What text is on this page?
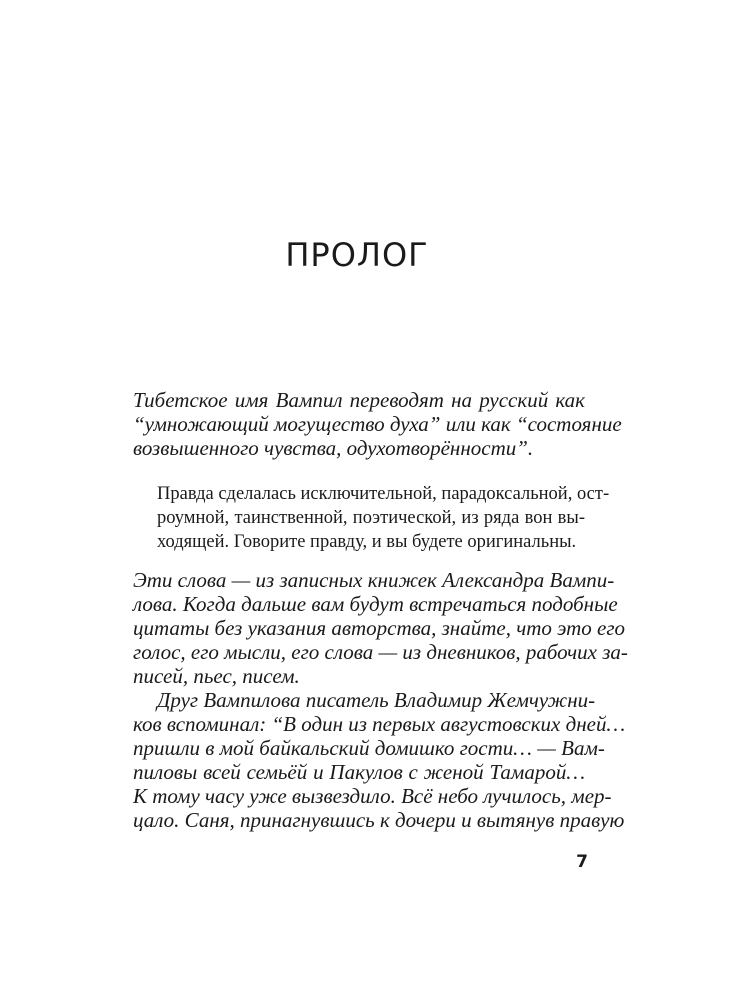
ПРОЛОГ
Тибетское имя Вампил переводят на русский как
“умножающий могущество духа” или как “состояние
возвышенного чувства, одухотворённости”.
Правда сделалась исключительной, парадоксальной, ост-
роумной, таинственной, поэтической, из ряда вон вы-
ходящей. Говорите правду, и вы будете оригинальны.
Эти слова — из записных книжек Александра Вампи-
лова. Когда дальше вам будут встречаться подобные
цитаты без указания авторства, знайте, что это его
голос, его мысли, его слова — из дневников, рабочих за-
писей, пьес, писем.
Друг Вампилова писатель Владимир Жемчужни-
ков вспоминал: “В один из первых августовских дней…
пришли в мой байкальский домишко гости… — Вам-
пиловы всей семьёй и Пакулов с женой Тамарой…
К тому часу уже вызвездило. Всё небо лучилось, мер-
цало. Саня, принагнувшись к дочери и вытянув правую

7
